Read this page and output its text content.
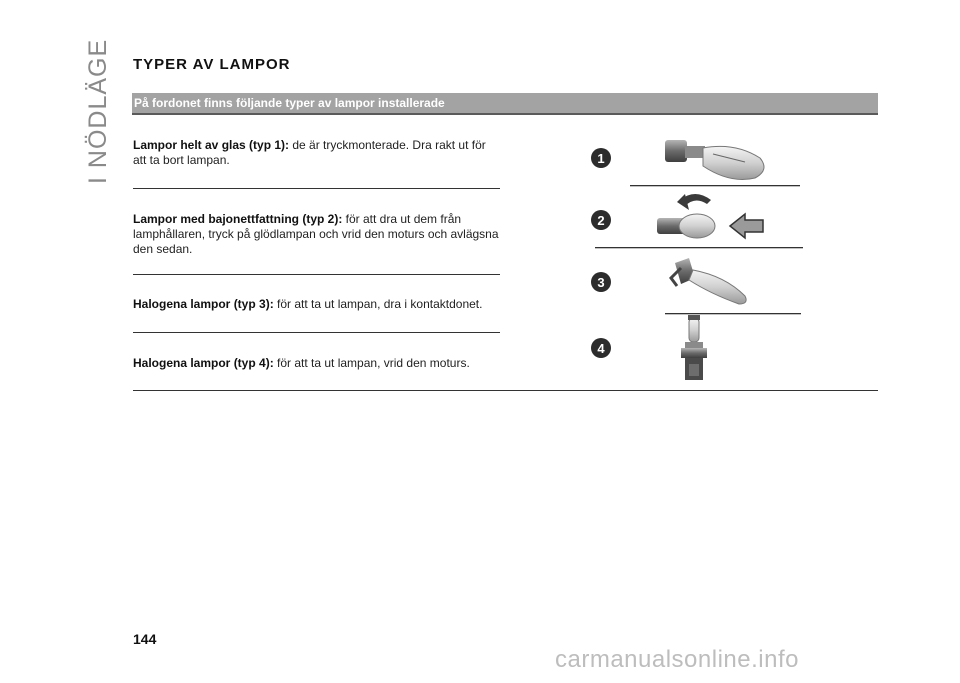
I NÖDLÄGE TYPER AV LAMPOR
På fordonet finns följande typer av lampor installerade
Lampor helt av glas (typ 1): de är tryckmonterade. Dra rakt ut för att ta bort lampan.
Lampor med bajonettfattning (typ 2): för att dra ut dem från lamphållaren, tryck på glödlampan och vrid den moturs och avlägsna den sedan.
Halogena lampor (typ 3): för att ta ut lampan, dra i kontaktdonet.
Halogena lampor (typ 4): för att ta ut lampan, vrid den moturs.
1
2
3
4
144
carmanualsonline.info
